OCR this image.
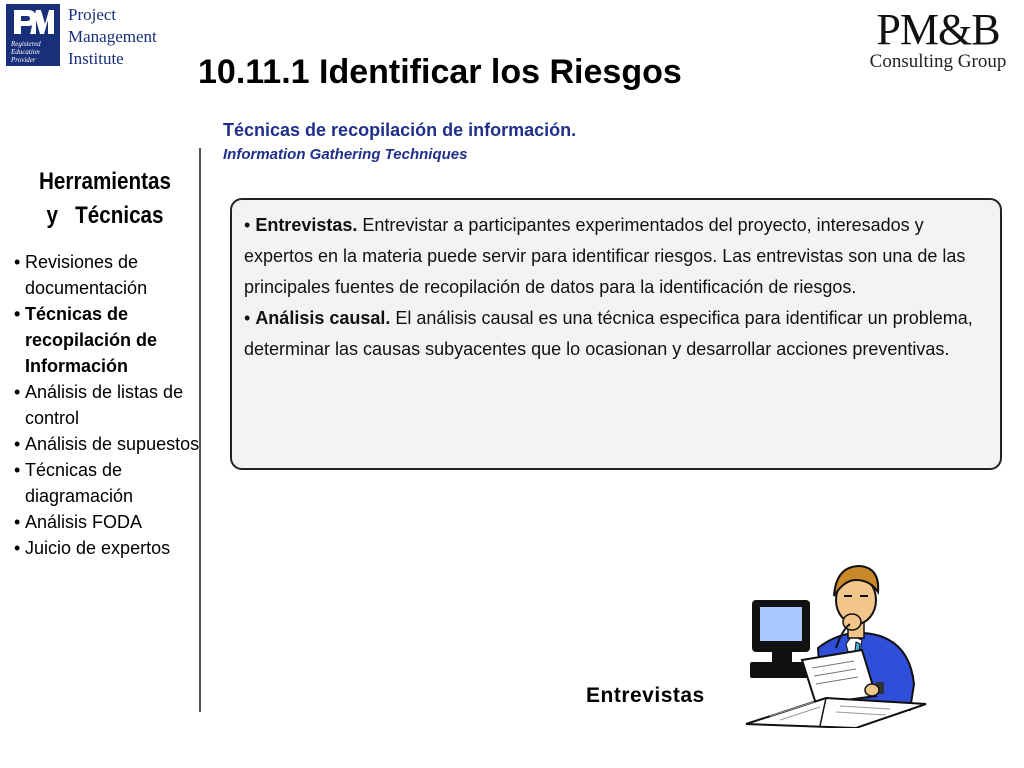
Registered
Education
Provider
Project
Management
Institute
PM&B
Consulting Group
10.11.1 Identificar los Riesgos
Técnicas de recopilación de información.
Information Gathering Techniques
Herramientas
y   Técnicas
• Revisiones de documentación
• Técnicas de recopilación de Información
• Análisis de listas de control
• Análisis de supuestos
• Técnicas de diagramación
• Análisis FODA
• Juicio de expertos

• Entrevistas. Entrevistar a participantes experimentados del proyecto, interesados y expertos en la materia puede servir para identificar riesgos. Las entrevistas son una de las principales fuentes de recopilación de datos para la identificación de riesgos.

• Análisis causal. El análisis causal es una técnica especifica para identificar un problema, determinar las causas subyacentes que lo ocasionan y desarrollar acciones preventivas.

Entrevistas
